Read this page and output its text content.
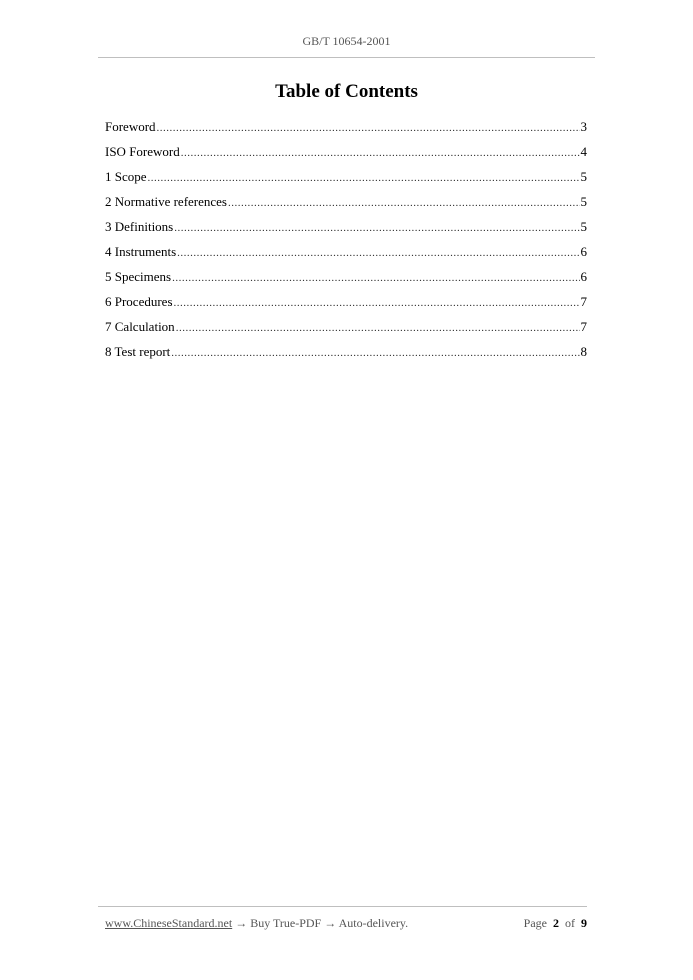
GB/T 10654-2001
Table of Contents
Foreword .....	3
ISO Foreword .....	4
1 Scope .....	5
2 Normative references .....	5
3 Definitions .....	5
4 Instruments .....	6
5 Specimens .....	6
6 Procedures .....	7
7 Calculation .....	7
8 Test report .....	8
www.ChineseStandard.net → Buy True-PDF → Auto-delivery.	Page 2 of 9
